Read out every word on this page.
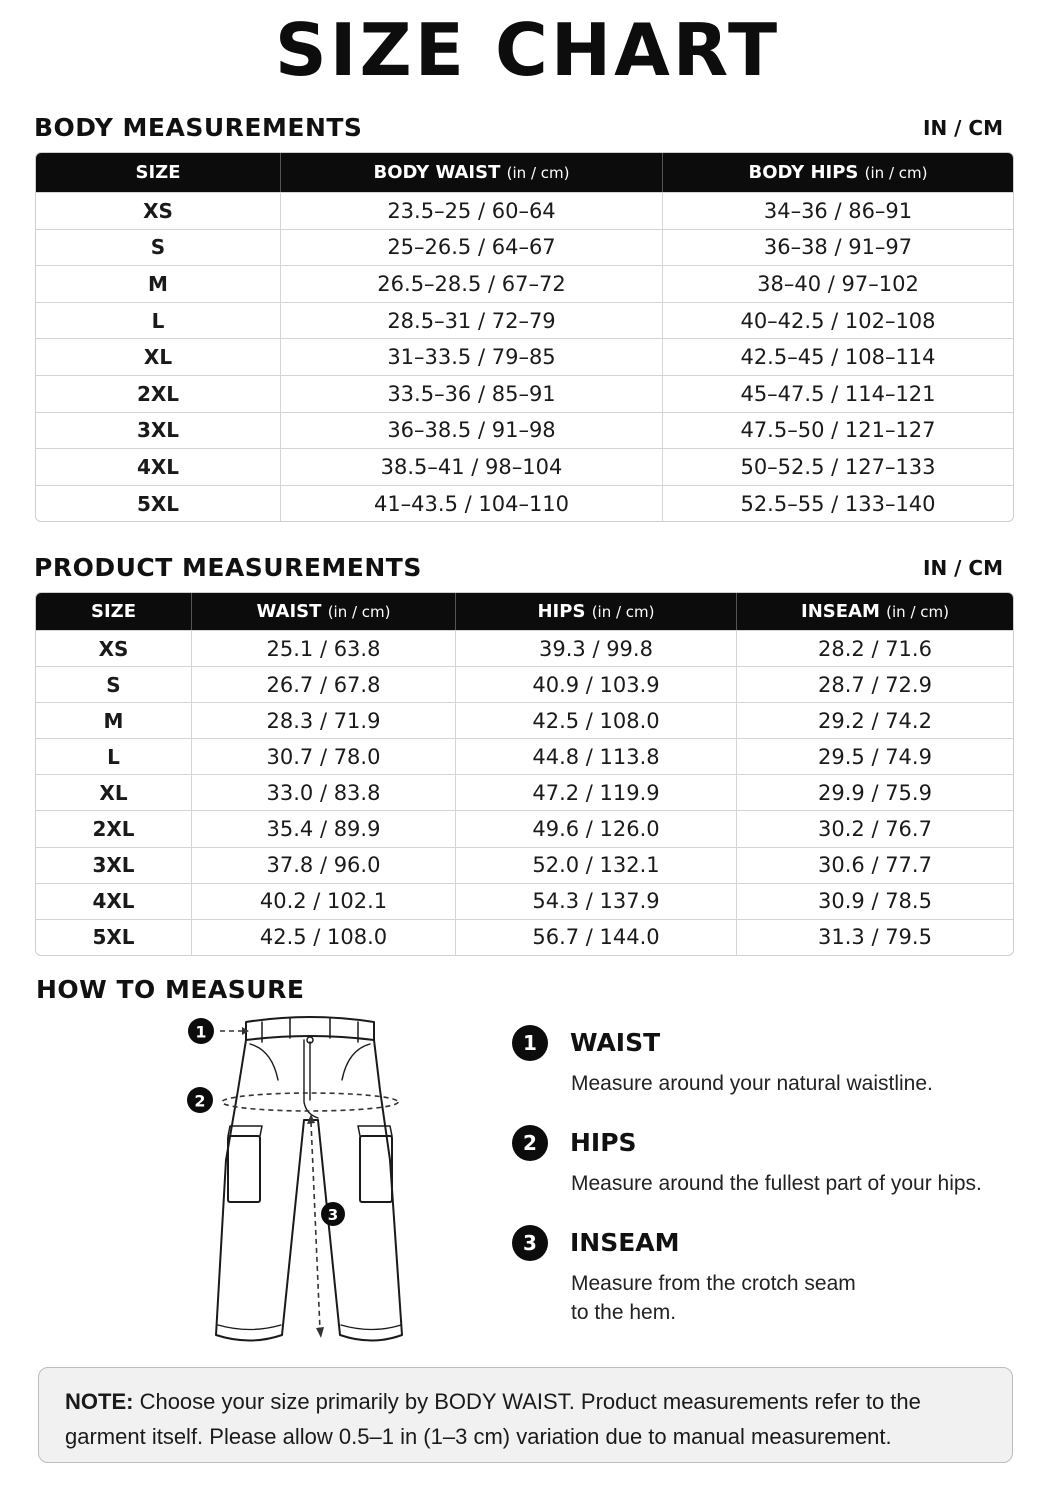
SIZE CHART
BODY MEASUREMENTS	IN / CM
SIZE	BODY WAIST (in / cm)	BODY HIPS (in / cm)
XS	23.5–25 / 60–64	34–36 / 86–91
S	25–26.5 / 64–67	36–38 / 91–97
M	26.5–28.5 / 67–72	38–40 / 97–102
L	28.5–31 / 72–79	40–42.5 / 102–108
XL	31–33.5 / 79–85	42.5–45 / 108–114
2XL	33.5–36 / 85–91	45–47.5 / 114–121
3XL	36–38.5 / 91–98	47.5–50 / 121–127
4XL	38.5–41 / 98–104	50–52.5 / 127–133
5XL	41–43.5 / 104–110	52.5–55 / 133–140
PRODUCT MEASUREMENTS	IN / CM
SIZE	WAIST (in / cm)	HIPS (in / cm)	INSEAM (in / cm)
XS	25.1 / 63.8	39.3 / 99.8	28.2 / 71.6
S	26.7 / 67.8	40.9 / 103.9	28.7 / 72.9
M	28.3 / 71.9	42.5 / 108.0	29.2 / 74.2
L	30.7 / 78.0	44.8 / 113.8	29.5 / 74.9
XL	33.0 / 83.8	47.2 / 119.9	29.9 / 75.9
2XL	35.4 / 89.9	49.6 / 126.0	30.2 / 76.7
3XL	37.8 / 96.0	52.0 / 132.1	30.6 / 77.7
4XL	40.2 / 102.1	54.3 / 137.9	30.9 / 78.5
5XL	42.5 / 108.0	56.7 / 144.0	31.3 / 79.5
HOW TO MEASURE
1
2
3
1	WAIST
Measure around your natural waistline.
2	HIPS
Measure around the fullest part of your hips.
3	INSEAM
Measure from the crotch seam to the hem.
NOTE: Choose your size primarily by BODY WAIST. Product measurements refer to the garment itself. Please allow 0.5–1 in (1–3 cm) variation due to manual measurement.
